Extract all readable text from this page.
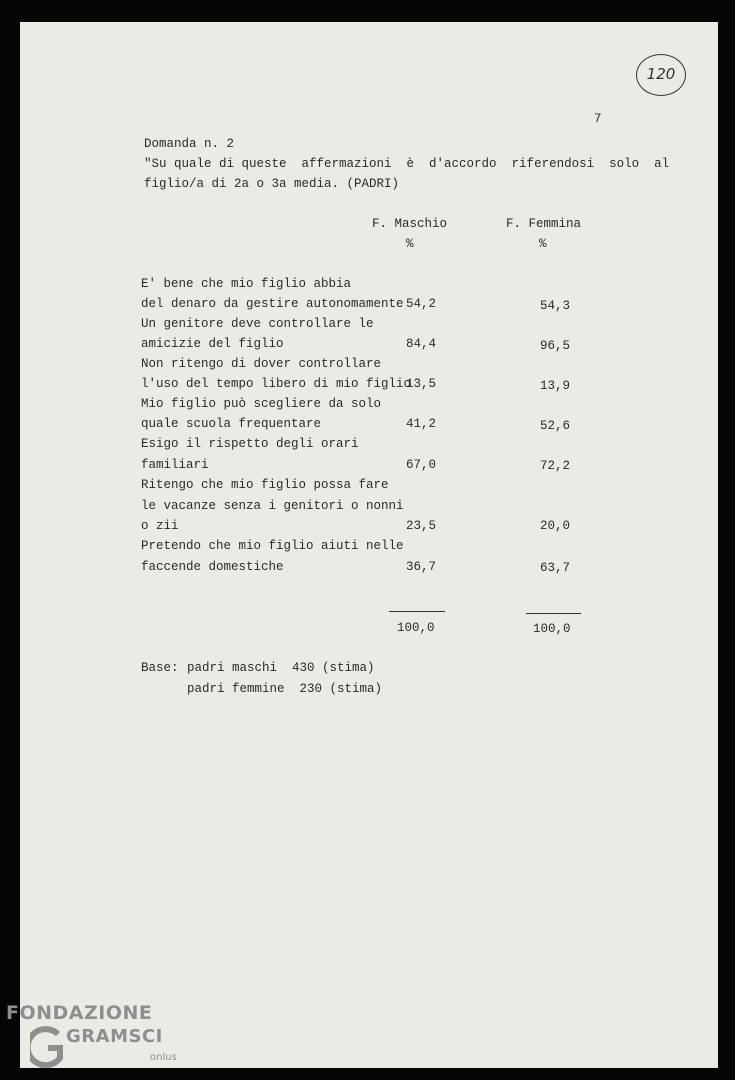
120
7
Domanda n. 2
"Su quale di queste  affermazioni  è  d'accordo  riferendosi  solo  al
figlio/a di 2a o 3a media. (PADRI)
F. Maschio	F. Femmina
%	%
E' bene che mio figlio abbia
del denaro da gestire autonomamente 54,2	54,3
Un genitore deve controllare le
amicizie del figlio	84,4	96,5
Non ritengo di dover controllare
l'uso del tempo libero di mio figlio
13,5	13,9
Mio figlio può scegliere da solo
quale scuola frequentare	41,2	52,6
Esigo il rispetto degli orari
familiari	67,0	72,2
Ritengo che mio figlio possa fare
le vacanze senza i genitori o nonni
o zii	23,5	20,0
Pretendo che mio figlio aiuti nelle
faccende domestiche	36,7	63,7
100,0	100,0
Base: padri maschi  430 (stima)
padri femmine  230 (stima)
FONDAZIONE
GRAMSCI
onlus
